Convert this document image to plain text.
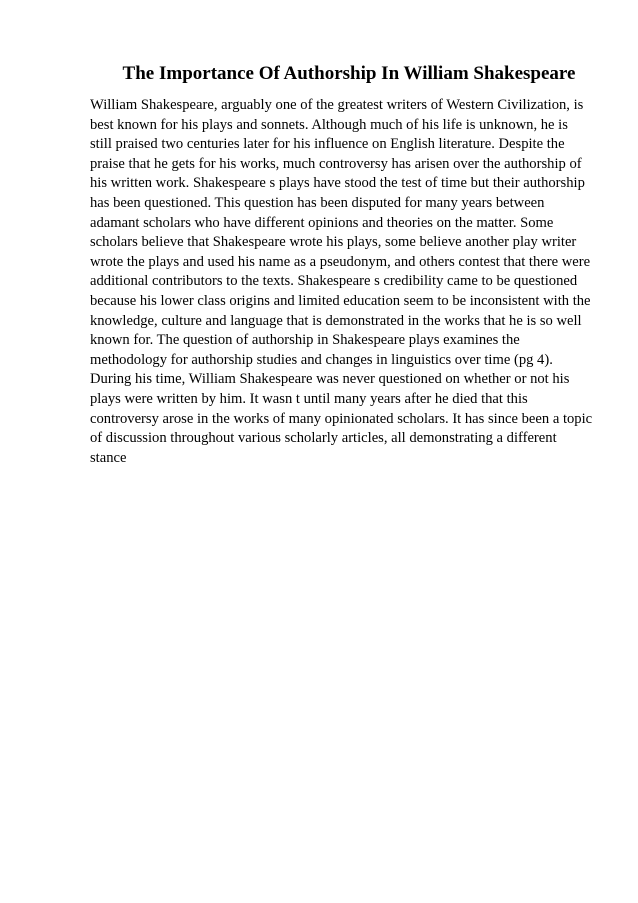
The Importance Of Authorship In William Shakespeare
William Shakespeare, arguably one of the greatest writers of Western Civilization, is
best known for his plays and sonnets. Although much of his life is unknown, he is
still praised two centuries later for his influence on English literature. Despite the
praise that he gets for his works, much controversy has arisen over the authorship of
his written work. Shakespeare s plays have stood the test of time but their authorship
has been questioned. This question has been disputed for many years between
adamant scholars who have different opinions and theories on the matter. Some
scholars believe that Shakespeare wrote his plays, some believe another play writer
wrote the plays and used his name as a pseudonym, and others contest that there were
additional contributors to the texts. Shakespeare s credibility came to be questioned
because his lower class origins and limited education seem to be inconsistent with the
knowledge, culture and language that is demonstrated in the works that he is so well
known for. The question of authorship in Shakespeare plays examines the
methodology for authorship studies and changes in linguistics over time (pg 4).
During his time, William Shakespeare was never questioned on whether or not his
plays were written by him. It wasn t until many years after he died that this
controversy arose in the works of many opinionated scholars. It has since been a topic
of discussion throughout various scholarly articles, all demonstrating a different
stance
